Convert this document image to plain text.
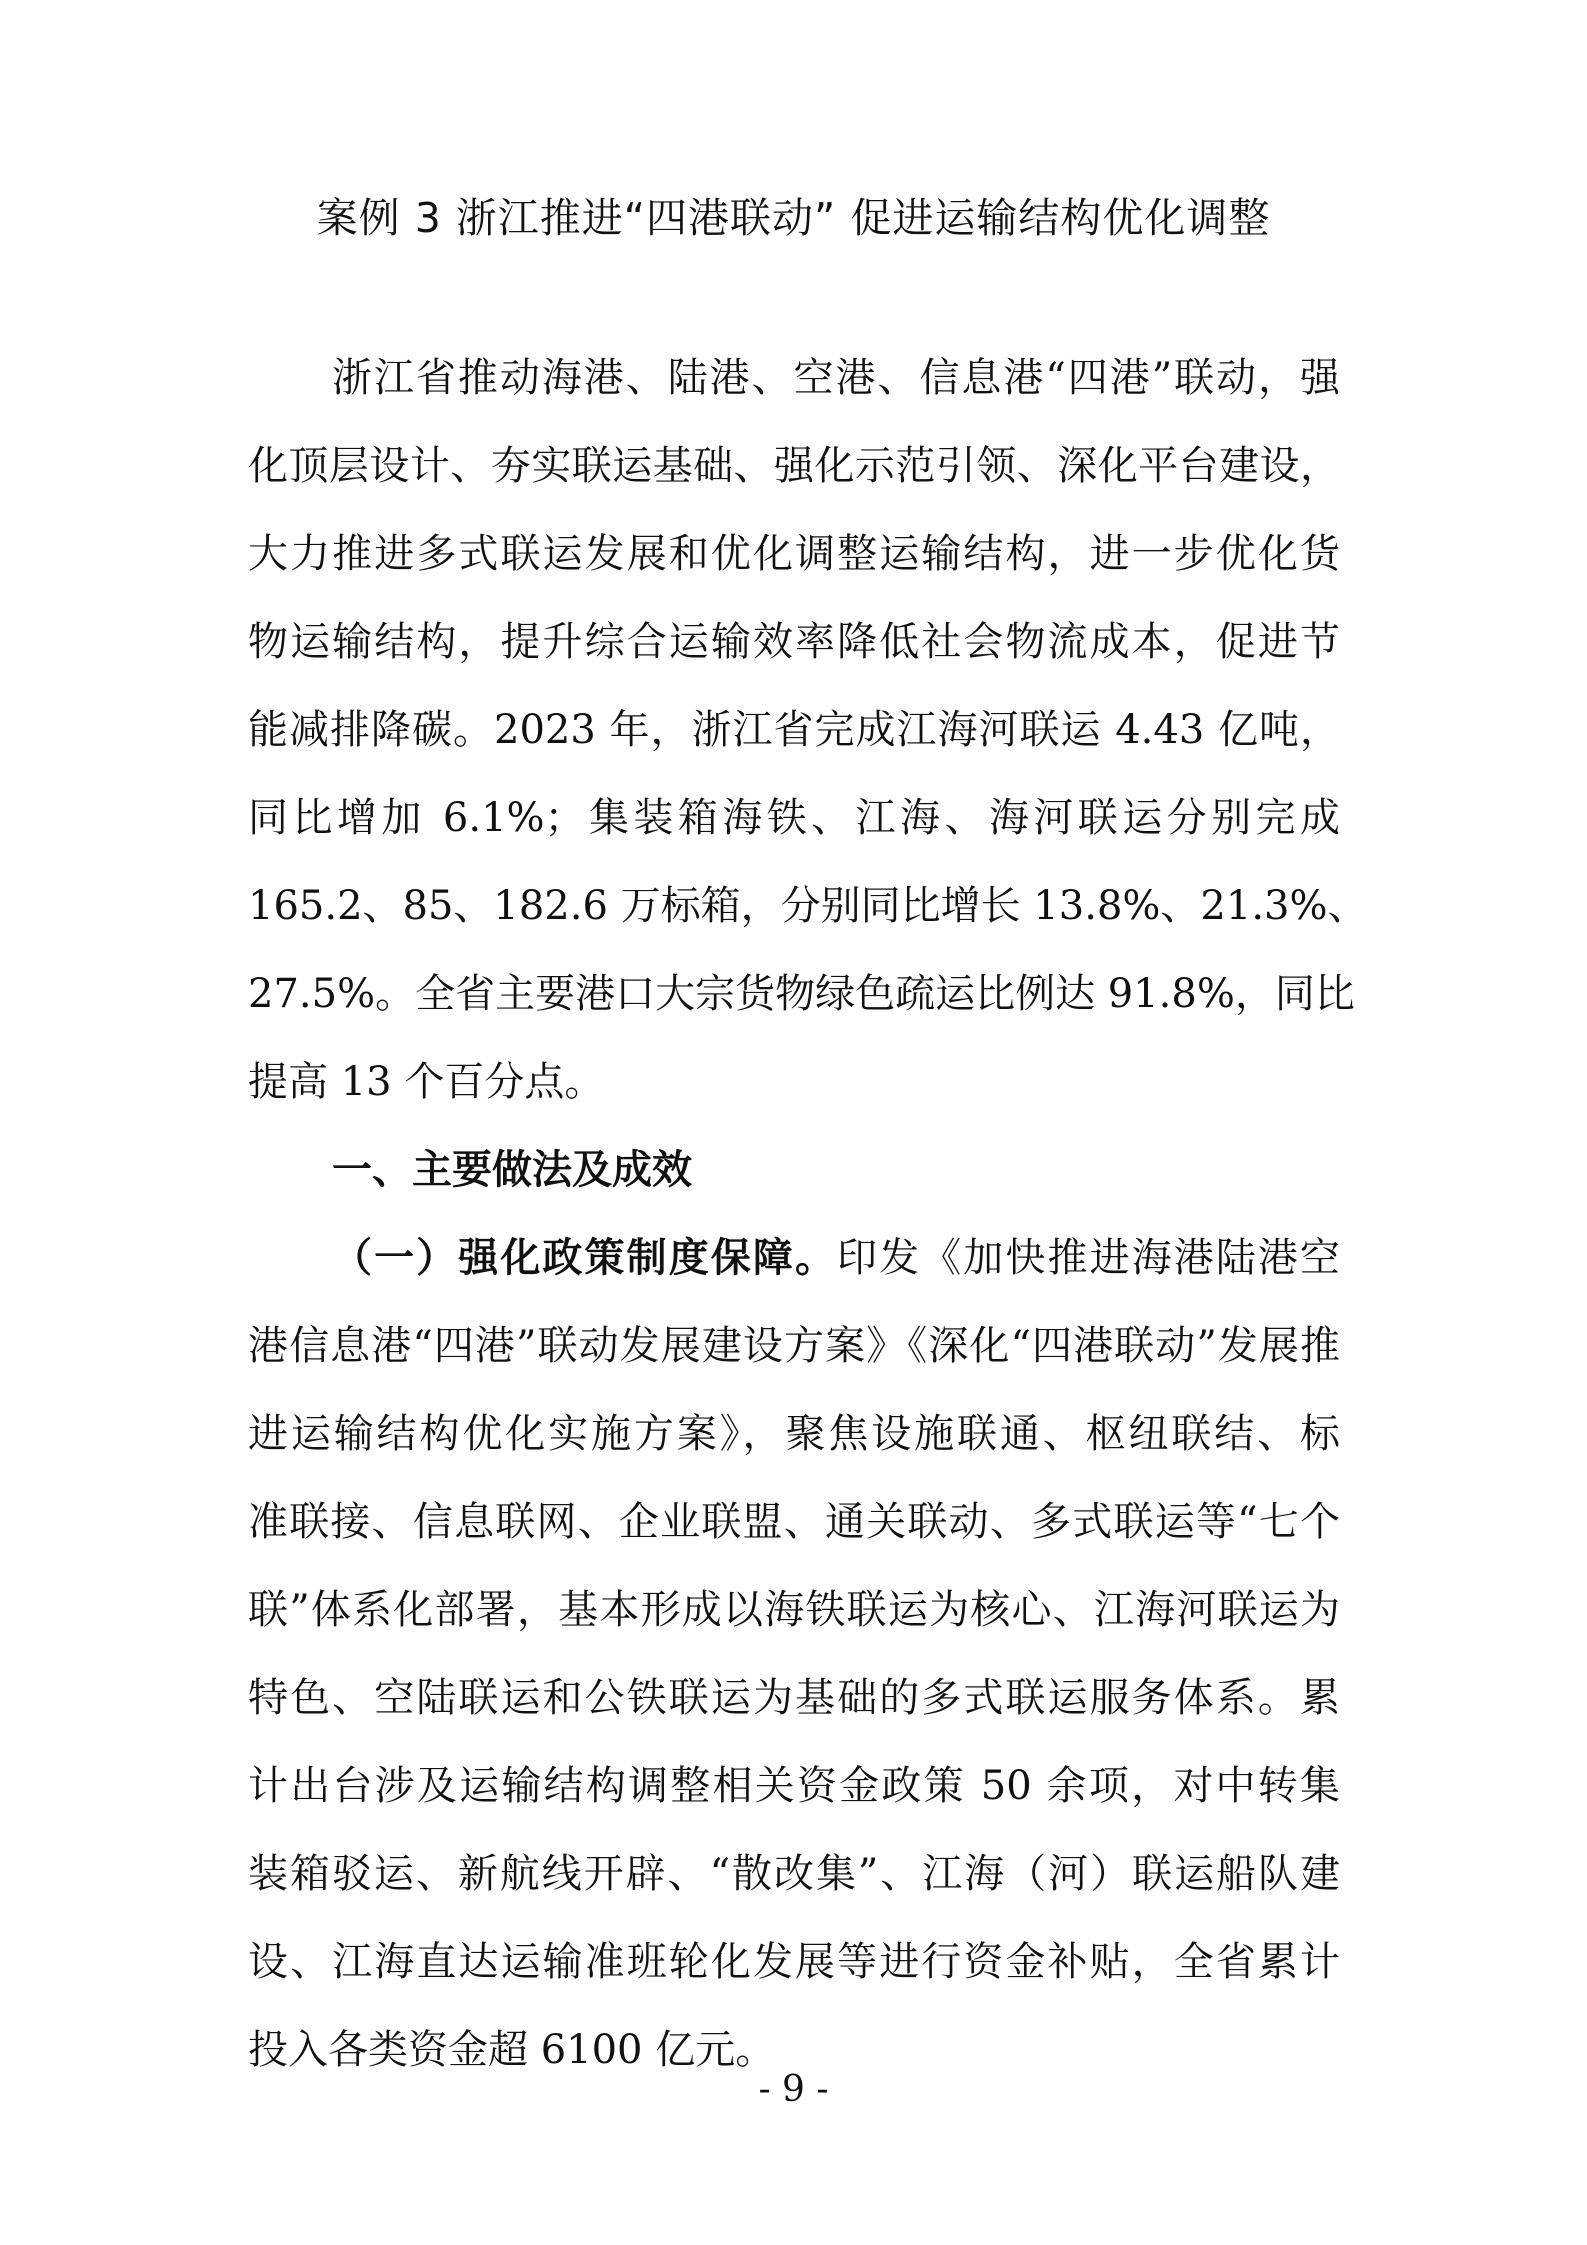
案例 3 浙江推进“四港联动” 促进运输结构优化调整
浙江省推动海港、陆港、空港、信息港“四港”联动，强
化顶层设计、夯实联运基础、强化示范引领、深化平台建设，
大力推进多式联运发展和优化调整运输结构，进一步优化货
物运输结构，提升综合运输效率降低社会物流成本，促进节
能减排降碳。2023 年，浙江省完成江海河联运 4.43 亿吨，
同比增加 6.1%；集装箱海铁、江海、海河联运分别完成
165.2、85、182.6 万标箱，分别同比增长 13.8%、21.3%、
27.5%。全省主要港口大宗货物绿色疏运比例达 91.8%，同比
提高 13 个百分点。
一、主要做法及成效
（一）强化政策制度保障。印发《加快推进海港陆港空
港信息港“四港”联动发展建设方案》《深化“四港联动”发展推
进运输结构优化实施方案》，聚焦设施联通、枢纽联结、标
准联接、信息联网、企业联盟、通关联动、多式联运等“七个
联”体系化部署，基本形成以海铁联运为核心、江海河联运为
特色、空陆联运和公铁联运为基础的多式联运服务体系。累
计出台涉及运输结构调整相关资金政策 50 余项，对中转集
装箱驳运、新航线开辟、“散改集”、江海（河）联运船队建
设、江海直达运输准班轮化发展等进行资金补贴，全省累计
投入各类资金超 6100 亿元。
- 9 -
